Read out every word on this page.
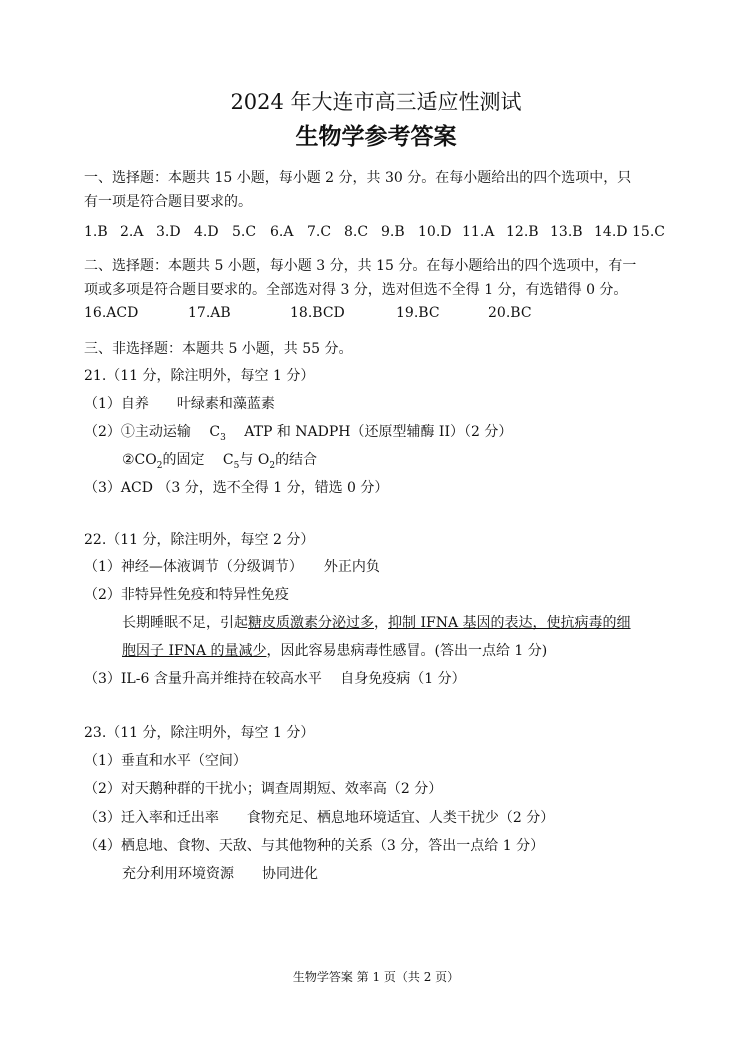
2024 年大连市高三适应性测试
生物学参考答案
一、选择题：本题共 15 小题，每小题 2 分，共 30 分。在每小题给出的四个选项中，只
有一项是符合题目要求的。
1.B 2.A 3.D 4.D 5.C 6.A 7.C 8.C 9.B 10.D 11.A 12.B 13.B 14.D 15.C
二、选择题：本题共 5 小题，每小题 3 分，共 15 分。在每小题给出的四个选项中，有一
项或多项是符合题目要求的。全部选对得 3 分，选对但选不全得 1 分，有选错得 0 分。
16.ACD	17.AB	18.BCD	19.BC	20.BC
三、非选择题：本题共 5 小题，共 55 分。
21.（11 分，除注明外，每空 1 分）
（1）自养　　叶绿素和藻蓝素
（2）①主动运输　 $C_3$　 ATP 和 NADPH（还原型辅酶 II）（2 分）
$②CO_2$的固定　 $C_5$与 $O_2$的结合
（3）ACD （3 分，选不全得 1 分，错选 0 分）
22.（11 分，除注明外，每空 2 分）
（1）神经—体液调节（分级调节）　　外正内负
（2）非特异性免疫和特异性免疫
长期睡眠不足，引起糖皮质激素分泌过多，抑制 IFNA 基因的表达，使抗病毒的细
胞因子 IFNA 的量减少，因此容易患病毒性感冒。(答出一点给 1 分)
（3）IL-6 含量升高并维持在较高水平　 自身免疫病（1 分）
23.（11 分，除注明外，每空 1 分）
（1）垂直和水平（空间）
（2）对天鹅种群的干扰小；调查周期短、效率高（2 分）
（3）迁入率和迁出率　　食物充足、栖息地环境适宜、人类干扰少（2 分）
（4）栖息地、食物、天敌、与其他物种的关系（3 分，答出一点给 1 分）
充分利用环境资源　　协同进化
生物学答案 第 1 页（共 2 页）
